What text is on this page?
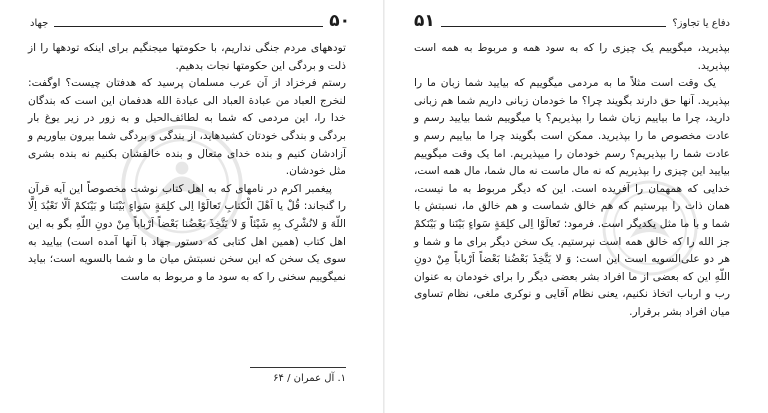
۵۰
جهاد

تودههای مردم جنگی نداریم، با حکومتها میجنگیم برای اینکه تودهها را از ذلت و بردگی این حکومتها نجات بدهیم.

رستم فرخزاد از آن عرب مسلمان پرسید که هدفتان چیست؟ اوگفت: لنخرج العباد من عبادة العباد الی عبادة الله هدفمان این است که بندگان خدا را، این مردمی که شما به لطائف‌الحیل و به زور در زیر یوغ بار بردگی و بندگی خودتان کشیدهاید، از بندگی و بردگی شما بیرون بیاوریم و آزادشان کنیم و بنده خدای متعال و بنده خالقشان بکنیم نه بنده بشری مثل خودشان.

پیغمبر اکرم در نامهای که به اهل کتاب نوشت مخصوصاً این آیه قرآن را گنجاند: قُلْ یا اَهْلَ الْکتابِ تَعالَوْا اِلی کلِمَةٍ سَواءٍ بَیْنَنا و بَیْنَکمْ اَلّا نَعْبُدَ اِلَّا اللّهَ وَ لانُشْرِک بِهِ شَیْئاً وَ لا یَتَّخِذَ بَعْضُنا بَعْضاً اَرْباباً مِنْ دونِ اللّهِ بگو به این اهل کتاب (همین اهل کتابی که دستور جهاد با آنها آمده است) بیایید به سوی یک سخن که این سخن نسبتش میان ما و شما بالسویه است؛ بیاید نمیگوییم سخنی را که به سود ما و مربوط به ماست

۱. آل عمران / ۶۴
دفاع یا تجاوز؟
۵۱

بپذیرید، میگوییم یک چیزی را که به سود همه و مربوط به همه است بپذیرید.

یک وقت است مثلاً ما به مردمی میگوییم که بیایید شما زبان ما را بپذیرید. آنها حق دارند بگویند چرا؟ ما خودمان زبانی داریم شما هم زبانی دارید، چرا ما بیاییم زبان شما را بپذیریم؟ یا میگوییم شما بیایید رسم و عادت مخصوص ما را بپذیرید. ممکن است بگویند چرا ما بیاییم رسم و عادت شما را بپذیریم؟ رسم خودمان را میپذیریم. اما یک وقت میگوییم بیایید این چیزی را بپذیریم که نه مال ماست نه مال شما، مال همه است، خدایی که همهمان را آفریده است. این که دیگر مربوط به ما نیست، همان ذات را بپرستیم که هم خالق شماست و هم خالق ما، نسبتش با شما و با ما مثل یکدیگر است. فرمود: تَعالَوْا اِلی کلِمَةٍ سَواءٍ بَیْنَنا و بَیْنَکمْ جز الله را که خالق همه است نپرستیم. یک سخن دیگر برای ما و شما و هر دو علی‌السویه است این است: وَ لا یَتَّخِذَ بَعْضُنا بَعْضاً اَرْباباً مِنْ دونِ اللّهِ این که بعضی از ما افراد بشر بعضی دیگر را برای خودمان به عنوان رب و ارباب اتخاذ نکنیم، یعنی نظام آقایی و نوکری ملغی، نظام تساوی میان افراد بشر برقرار.
